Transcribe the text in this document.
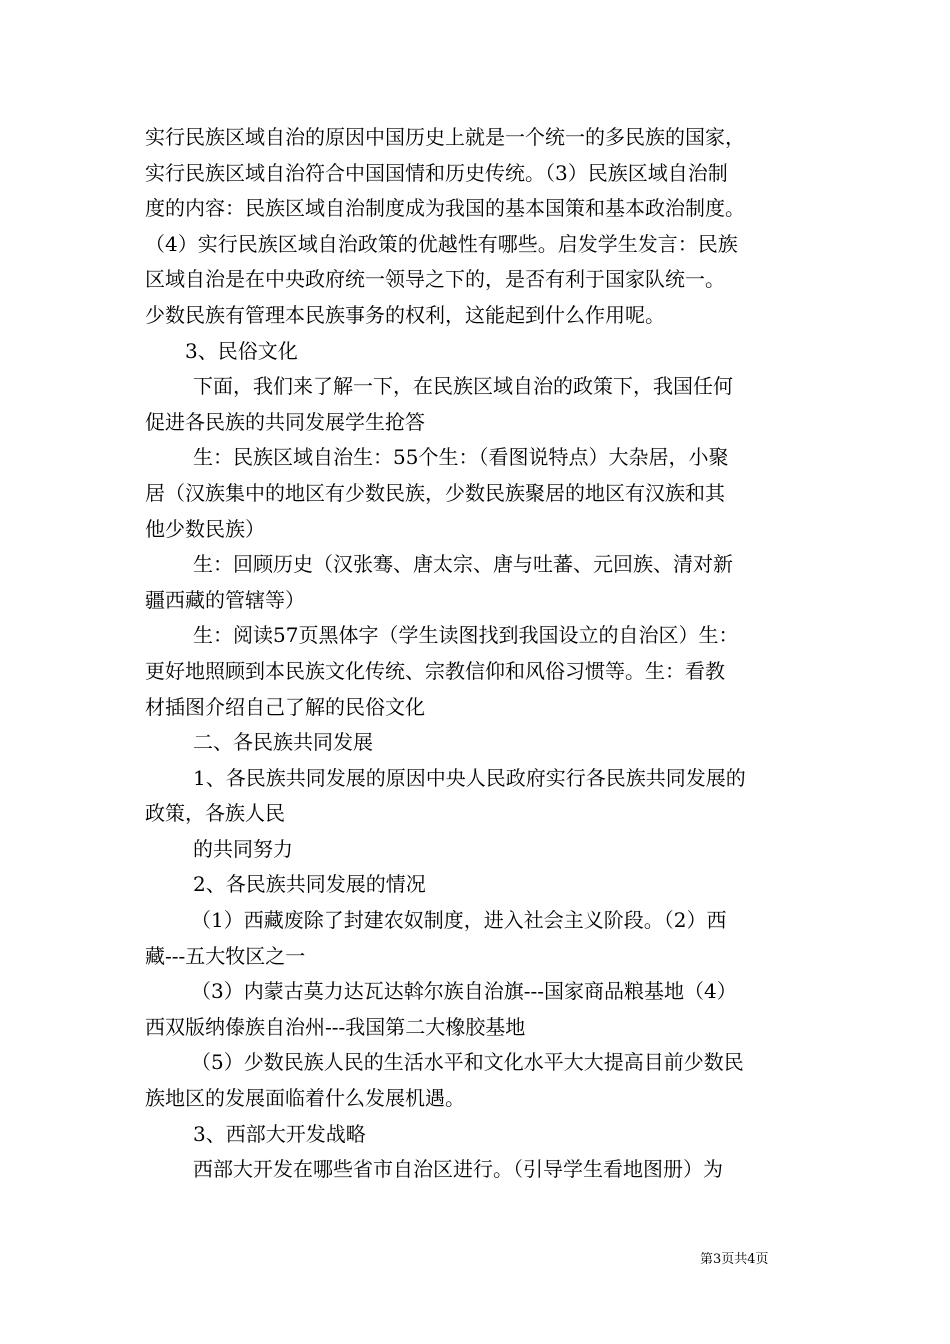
实行民族区域自治的原因中国历史上就是一个统一的多民族的国家，
实行民族区域自治符合中国国情和历史传统。（3）民族区域自治制
度的内容：民族区域自治制度成为我国的基本国策和基本政治制度。
（4）实行民族区域自治政策的优越性有哪些。启发学生发言：民族
区域自治是在中央政府统一领导之下的，是否有利于国家队统一。
少数民族有管理本民族事务的权利，这能起到什么作用呢。
3、民俗文化
下面，我们来了解一下，在民族区域自治的政策下，我国任何
促进各民族的共同发展学生抢答
生：民族区域自治生：55个生：（看图说特点）大杂居，小聚
居（汉族集中的地区有少数民族，少数民族聚居的地区有汉族和其
他少数民族）
生：回顾历史（汉张骞、唐太宗、唐与吐蕃、元回族、清对新
疆西藏的管辖等）
生：阅读57页黑体字（学生读图找到我国设立的自治区）生：
更好地照顾到本民族文化传统、宗教信仰和风俗习惯等。生：看教
材插图介绍自己了解的民俗文化
二、各民族共同发展
1、各民族共同发展的原因中央人民政府实行各民族共同发展的
政策，各族人民
的共同努力
2、各民族共同发展的情况
（1）西藏废除了封建农奴制度，进入社会主义阶段。（2）西
藏---五大牧区之一
（3）内蒙古莫力达瓦达斡尔族自治旗---国家商品粮基地（4）
西双版纳傣族自治州---我国第二大橡胶基地
（5）少数民族人民的生活水平和文化水平大大提高目前少数民
族地区的发展面临着什么发展机遇。
3、西部大开发战略
西部大开发在哪些省市自治区进行。（引导学生看地图册）为
第3页共4页
